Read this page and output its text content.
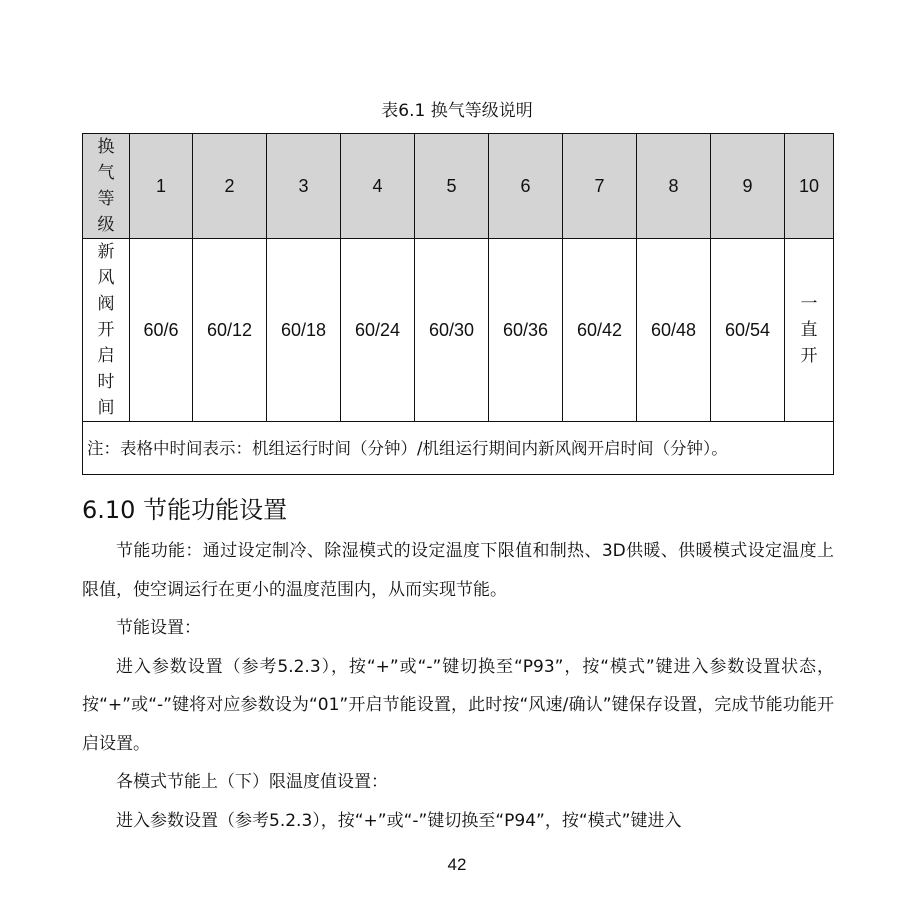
表6.1 换气等级说明
换气等级	1	2	3	4	5	6	7	8	9	10

新风阀开启时间	60/6	60/12	60/18	60/24	60/30	60/36	60/42	60/48	60/54	一直开

注：表格中时间表示：机组运行时间（分钟）/机组运行期间内新风阀开启时间（分钟）。										
6.10 节能功能设置

节能功能：通过设定制冷、除湿模式的设定温度下限值和制热、3D供暖、供暖模式设定温度上限值，使空调运行在更小的温度范围内，从而实现节能。

节能设置：

进入参数设置（参考5.2.3），按“+”或“-”键切换至“P93”，按“模式”键进入参数设置状态，按“+”或“-”键将对应参数设为“01”开启节能设置，此时按“风速/确认”键保存设置，完成节能功能开启设置。

各模式节能上（下）限温度值设置：

进入参数设置（参考5.2.3），按“+”或“-”键切换至“P94”，按“模式”键进入

42
